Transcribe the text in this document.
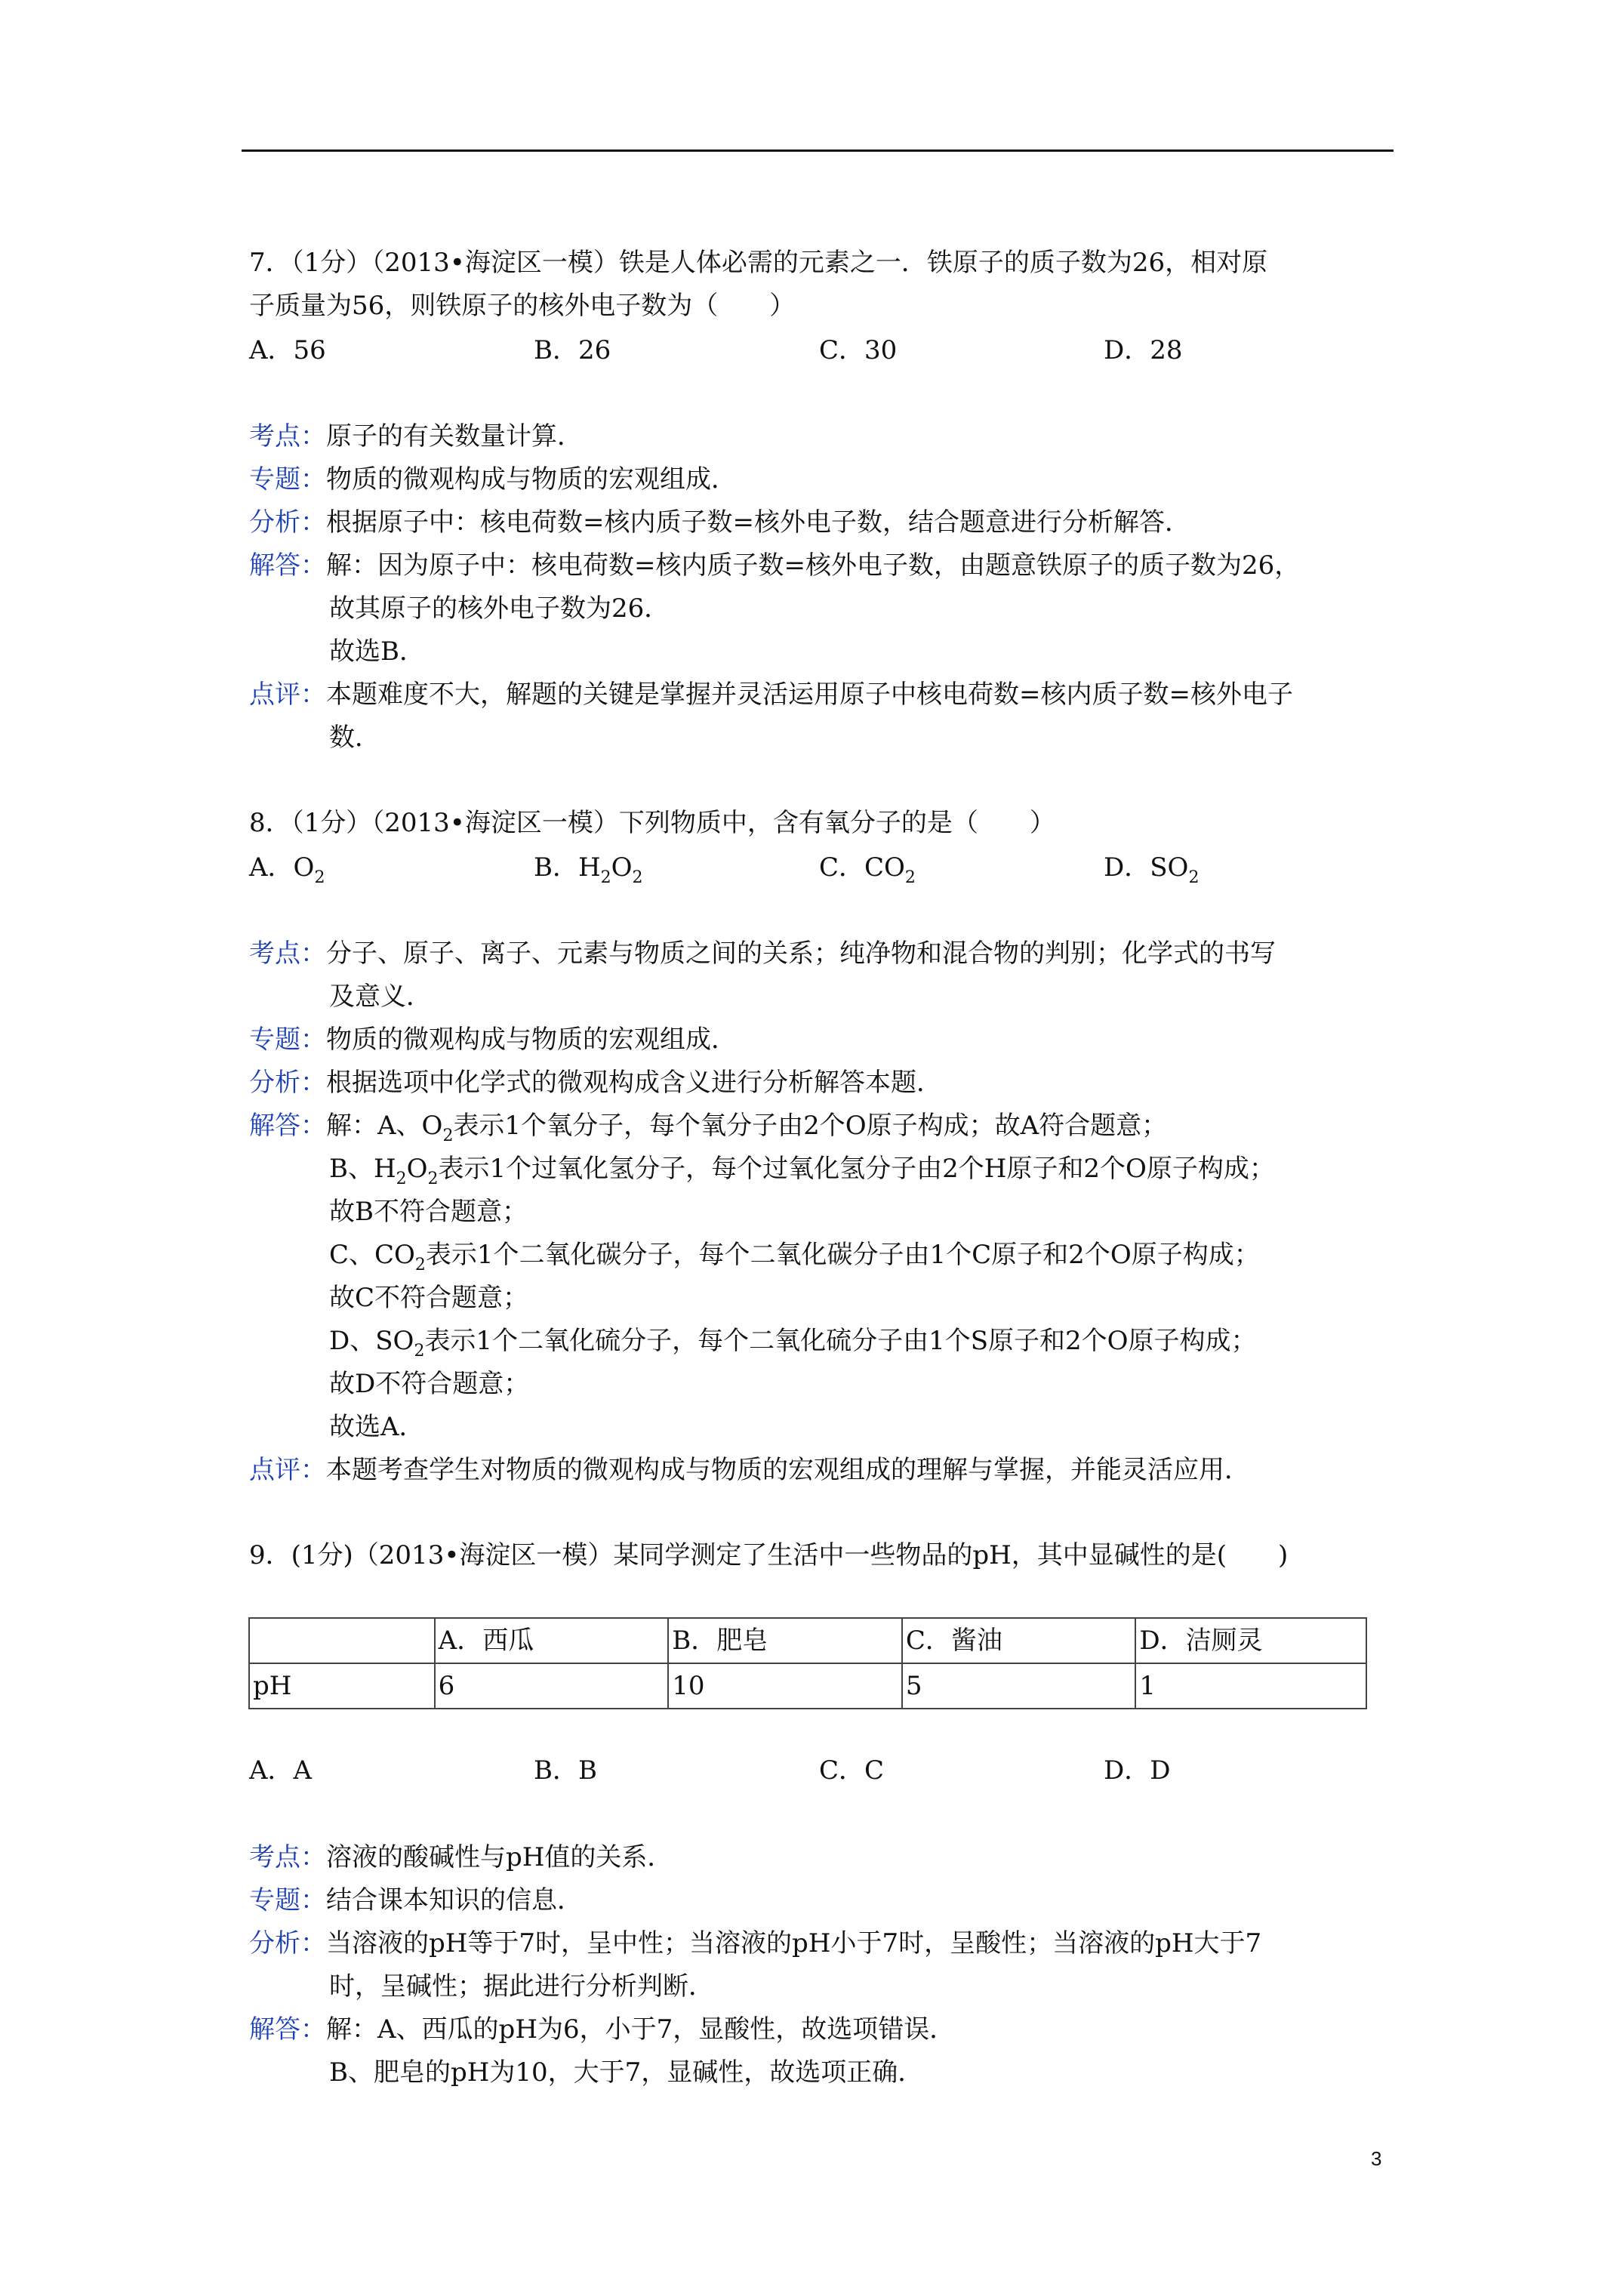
7．（1分）（2013•海淀区一模）铁是人体必需的元素之一．铁原子的质子数为26，相对原

子质量为56，则铁原子的核外电子数为（　　）

A．56	B．26	C．30	D．28

考点：原子的有关数量计算．

专题：物质的微观构成与物质的宏观组成．

分析：根据原子中：核电荷数=核内质子数=核外电子数，结合题意进行分析解答．

解答：解：因为原子中：核电荷数=核内质子数=核外电子数，由题意铁原子的质子数为26，

故其原子的核外电子数为26．

故选B．

点评：本题难度不大，解题的关键是掌握并灵活运用原子中核电荷数=核内质子数=核外电子

数．

8．（1分）（2013•海淀区一模）下列物质中，含有氧分子的是（　　）

A．$O_2$	B．$H_2O_2$	C．$CO_2$	D．$SO_2$

考点：分子、原子、离子、元素与物质之间的关系；纯净物和混合物的判别；化学式的书写

及意义．

专题：物质的微观构成与物质的宏观组成．

分析：根据选项中化学式的微观构成含义进行分析解答本题．

解答：解：A、$O_2$表示1个氧分子，每个氧分子由2个O原子构成；故A符合题意；

B、$H_2O_2$表示1个过氧化氢分子，每个过氧化氢分子由2个H原子和2个O原子构成；

故B不符合题意；

C、$CO_2$表示1个二氧化碳分子，每个二氧化碳分子由1个C原子和2个O原子构成；

故C不符合题意；

D、$SO_2$表示1个二氧化硫分子，每个二氧化硫分子由1个S原子和2个O原子构成；

故D不符合题意；

故选A．

点评：本题考查学生对物质的微观构成与物质的宏观组成的理解与掌握，并能灵活应用．

9．(1分)（2013•海淀区一模）某同学测定了生活中一些物品的pH，其中显碱性的是(　　)

	A．西瓜	B．肥皂	C．酱油	D．洁厕灵
pH	6	10	5	1
A．A	B．B	C．C	D．D

考点：溶液的酸碱性与pH值的关系．

专题：结合课本知识的信息．

分析：当溶液的pH等于7时，呈中性；当溶液的pH小于7时，呈酸性；当溶液的pH大于7

时，呈碱性；据此进行分析判断．

解答：解：A、西瓜的pH为6，小于7，显酸性，故选项错误．

B、肥皂的pH为10，大于7，显碱性，故选项正确．

3
